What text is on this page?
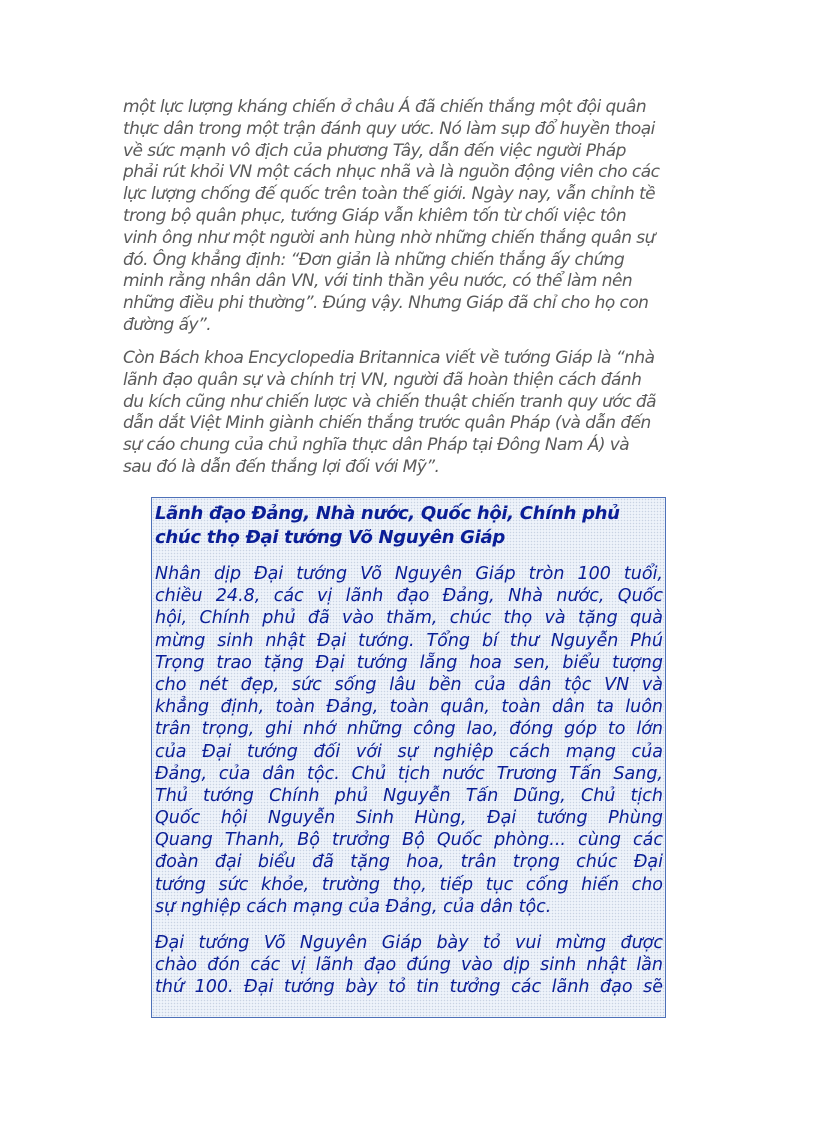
một lực lượng kháng chiến ở châu Á đã chiến thắng một đội quân
thực dân trong một trận đánh quy ước. Nó làm sụp đổ huyền thoại
về sức mạnh vô địch của phương Tây, dẫn đến việc người Pháp
phải rút khỏi VN một cách nhục nhã và là nguồn động viên cho các
lực lượng chống đế quốc trên toàn thế giới. Ngày nay, vẫn chỉnh tề
trong bộ quân phục, tướng Giáp vẫn khiêm tốn từ chối việc tôn
vinh ông như một người anh hùng nhờ những chiến thắng quân sự
đó. Ông khẳng định: “Đơn giản là những chiến thắng ấy chứng
minh rằng nhân dân VN, với tinh thần yêu nước, có thể làm nên
những điều phi thường”. Đúng vậy. Nhưng Giáp đã chỉ cho họ con
đường ấy”.
Còn Bách khoa Encyclopedia Britannica viết về tướng Giáp là “nhà
lãnh đạo quân sự và chính trị VN, người đã hoàn thiện cách đánh
du kích cũng như chiến lược và chiến thuật chiến tranh quy ước đã
dẫn dắt Việt Minh giành chiến thắng trước quân Pháp (và dẫn đến
sự cáo chung của chủ nghĩa thực dân Pháp tại Đông Nam Á) và
sau đó là dẫn đến thắng lợi đối với Mỹ”.
Lãnh đạo Đảng, Nhà nước, Quốc hội, Chính phủ
chúc thọ Đại tướng Võ Nguyên Giáp
Nhân dịp Đại tướng Võ Nguyên Giáp tròn 100 tuổi,
chiều 24.8, các vị lãnh đạo Đảng, Nhà nước, Quốc
hội, Chính phủ đã vào thăm, chúc thọ và tặng quà
mừng sinh nhật Đại tướng. Tổng bí thư Nguyễn Phú
Trọng trao tặng Đại tướng lẵng hoa sen, biểu tượng
cho nét đẹp, sức sống lâu bền của dân tộc VN và
khẳng định, toàn Đảng, toàn quân, toàn dân ta luôn
trân trọng, ghi nhớ những công lao, đóng góp to lớn
của Đại tướng đối với sự nghiệp cách mạng của
Đảng, của dân tộc. Chủ tịch nước Trương Tấn Sang,
Thủ tướng Chính phủ Nguyễn Tấn Dũng, Chủ tịch
Quốc hội Nguyễn Sinh Hùng, Đại tướng Phùng
Quang Thanh, Bộ trưởng Bộ Quốc phòng... cùng các
đoàn đại biểu đã tặng hoa, trân trọng chúc Đại
tướng sức khỏe, trường thọ, tiếp tục cống hiến cho
sự nghiệp cách mạng của Đảng, của dân tộc.
Đại tướng Võ Nguyên Giáp bày tỏ vui mừng được
chào đón các vị lãnh đạo đúng vào dịp sinh nhật lần
thứ 100. Đại tướng bày tỏ tin tưởng các lãnh đạo sẽ
